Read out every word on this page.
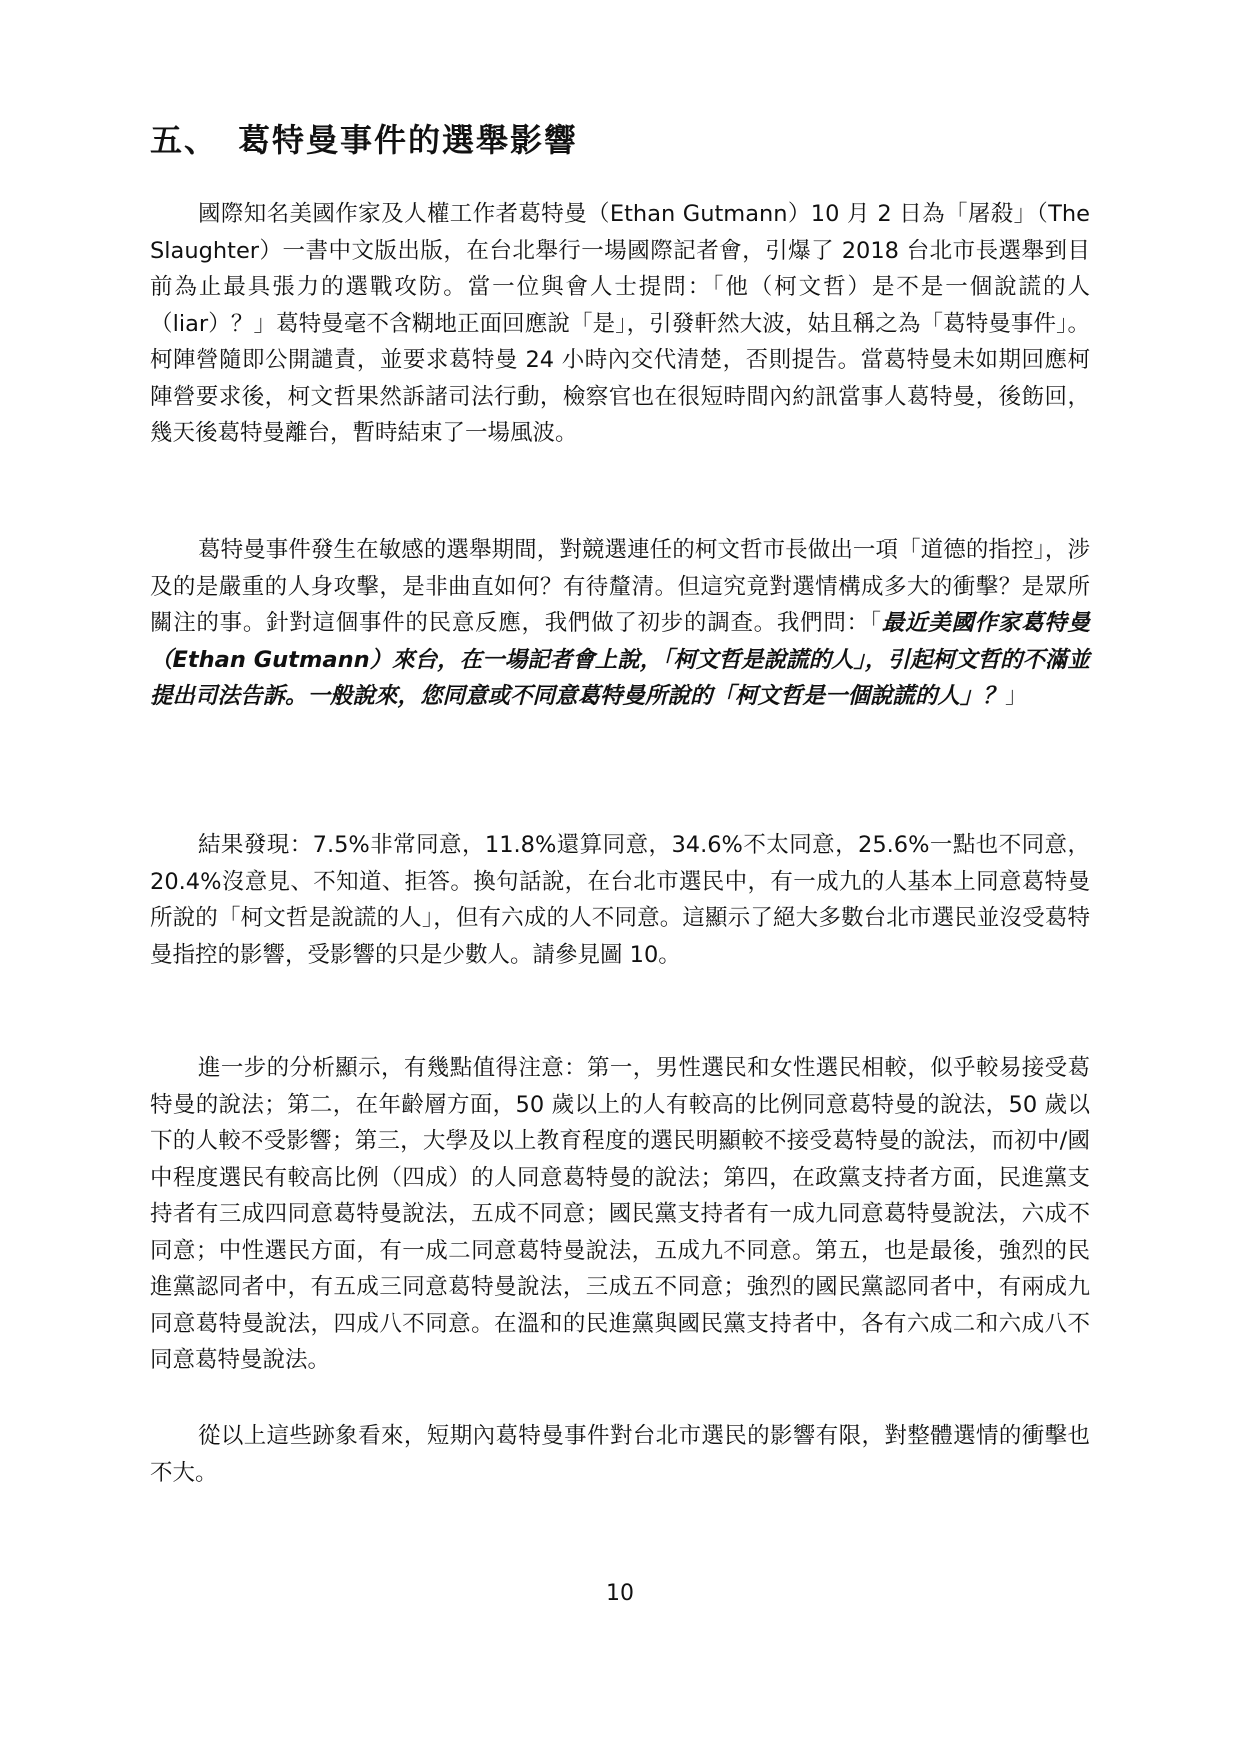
五、 葛特曼事件的選舉影響

國際知名美國作家及人權工作者葛特曼（Ethan Gutmann）10 月 2 日為「屠殺」（The Slaughter）一書中文版出版，在台北舉行一場國際記者會，引爆了 2018 台北市長選舉到目前為止最具張力的選戰攻防。當一位與會人士提問：「他（柯文哲）是不是一個說謊的人（liar）？」葛特曼毫不含糊地正面回應說「是」，引發軒然大波，姑且稱之為「葛特曼事件」。柯陣營隨即公開譴責，並要求葛特曼 24 小時內交代清楚，否則提告。當葛特曼未如期回應柯陣營要求後，柯文哲果然訴諸司法行動，檢察官也在很短時間內約訊當事人葛特曼，後飭回，幾天後葛特曼離台，暫時結束了一場風波。

葛特曼事件發生在敏感的選舉期間，對競選連任的柯文哲市長做出一項「道德的指控」，涉及的是嚴重的人身攻擊，是非曲直如何？有待釐清。但這究竟對選情構成多大的衝擊？是眾所關注的事。針對這個事件的民意反應，我們做了初步的調查。我們問：「最近美國作家葛特曼（Ethan Gutmann）來台，在一場記者會上說，「柯文哲是說謊的人」，引起柯文哲的不滿並提出司法告訴。一般說來，您同意或不同意葛特曼所說的「柯文哲是一個說謊的人」？」

結果發現：7.5%非常同意，11.8%還算同意，34.6%不太同意，25.6%一點也不同意，20.4%沒意見、不知道、拒答。換句話說，在台北市選民中，有一成九的人基本上同意葛特曼所說的「柯文哲是說謊的人」，但有六成的人不同意。這顯示了絕大多數台北市選民並沒受葛特曼指控的影響，受影響的只是少數人。請參見圖 10。

進一步的分析顯示，有幾點值得注意：第一，男性選民和女性選民相較，似乎較易接受葛特曼的說法；第二，在年齡層方面，50 歲以上的人有較高的比例同意葛特曼的說法，50 歲以下的人較不受影響；第三，大學及以上教育程度的選民明顯較不接受葛特曼的說法，而初中/國中程度選民有較高比例（四成）的人同意葛特曼的說法；第四，在政黨支持者方面，民進黨支持者有三成四同意葛特曼說法，五成不同意；國民黨支持者有一成九同意葛特曼說法，六成不同意；中性選民方面，有一成二同意葛特曼說法，五成九不同意。第五，也是最後，強烈的民進黨認同者中，有五成三同意葛特曼說法，三成五不同意；強烈的國民黨認同者中，有兩成九同意葛特曼說法，四成八不同意。在溫和的民進黨與國民黨支持者中，各有六成二和六成八不同意葛特曼說法。

從以上這些跡象看來，短期內葛特曼事件對台北市選民的影響有限，對整體選情的衝擊也不大。

10
